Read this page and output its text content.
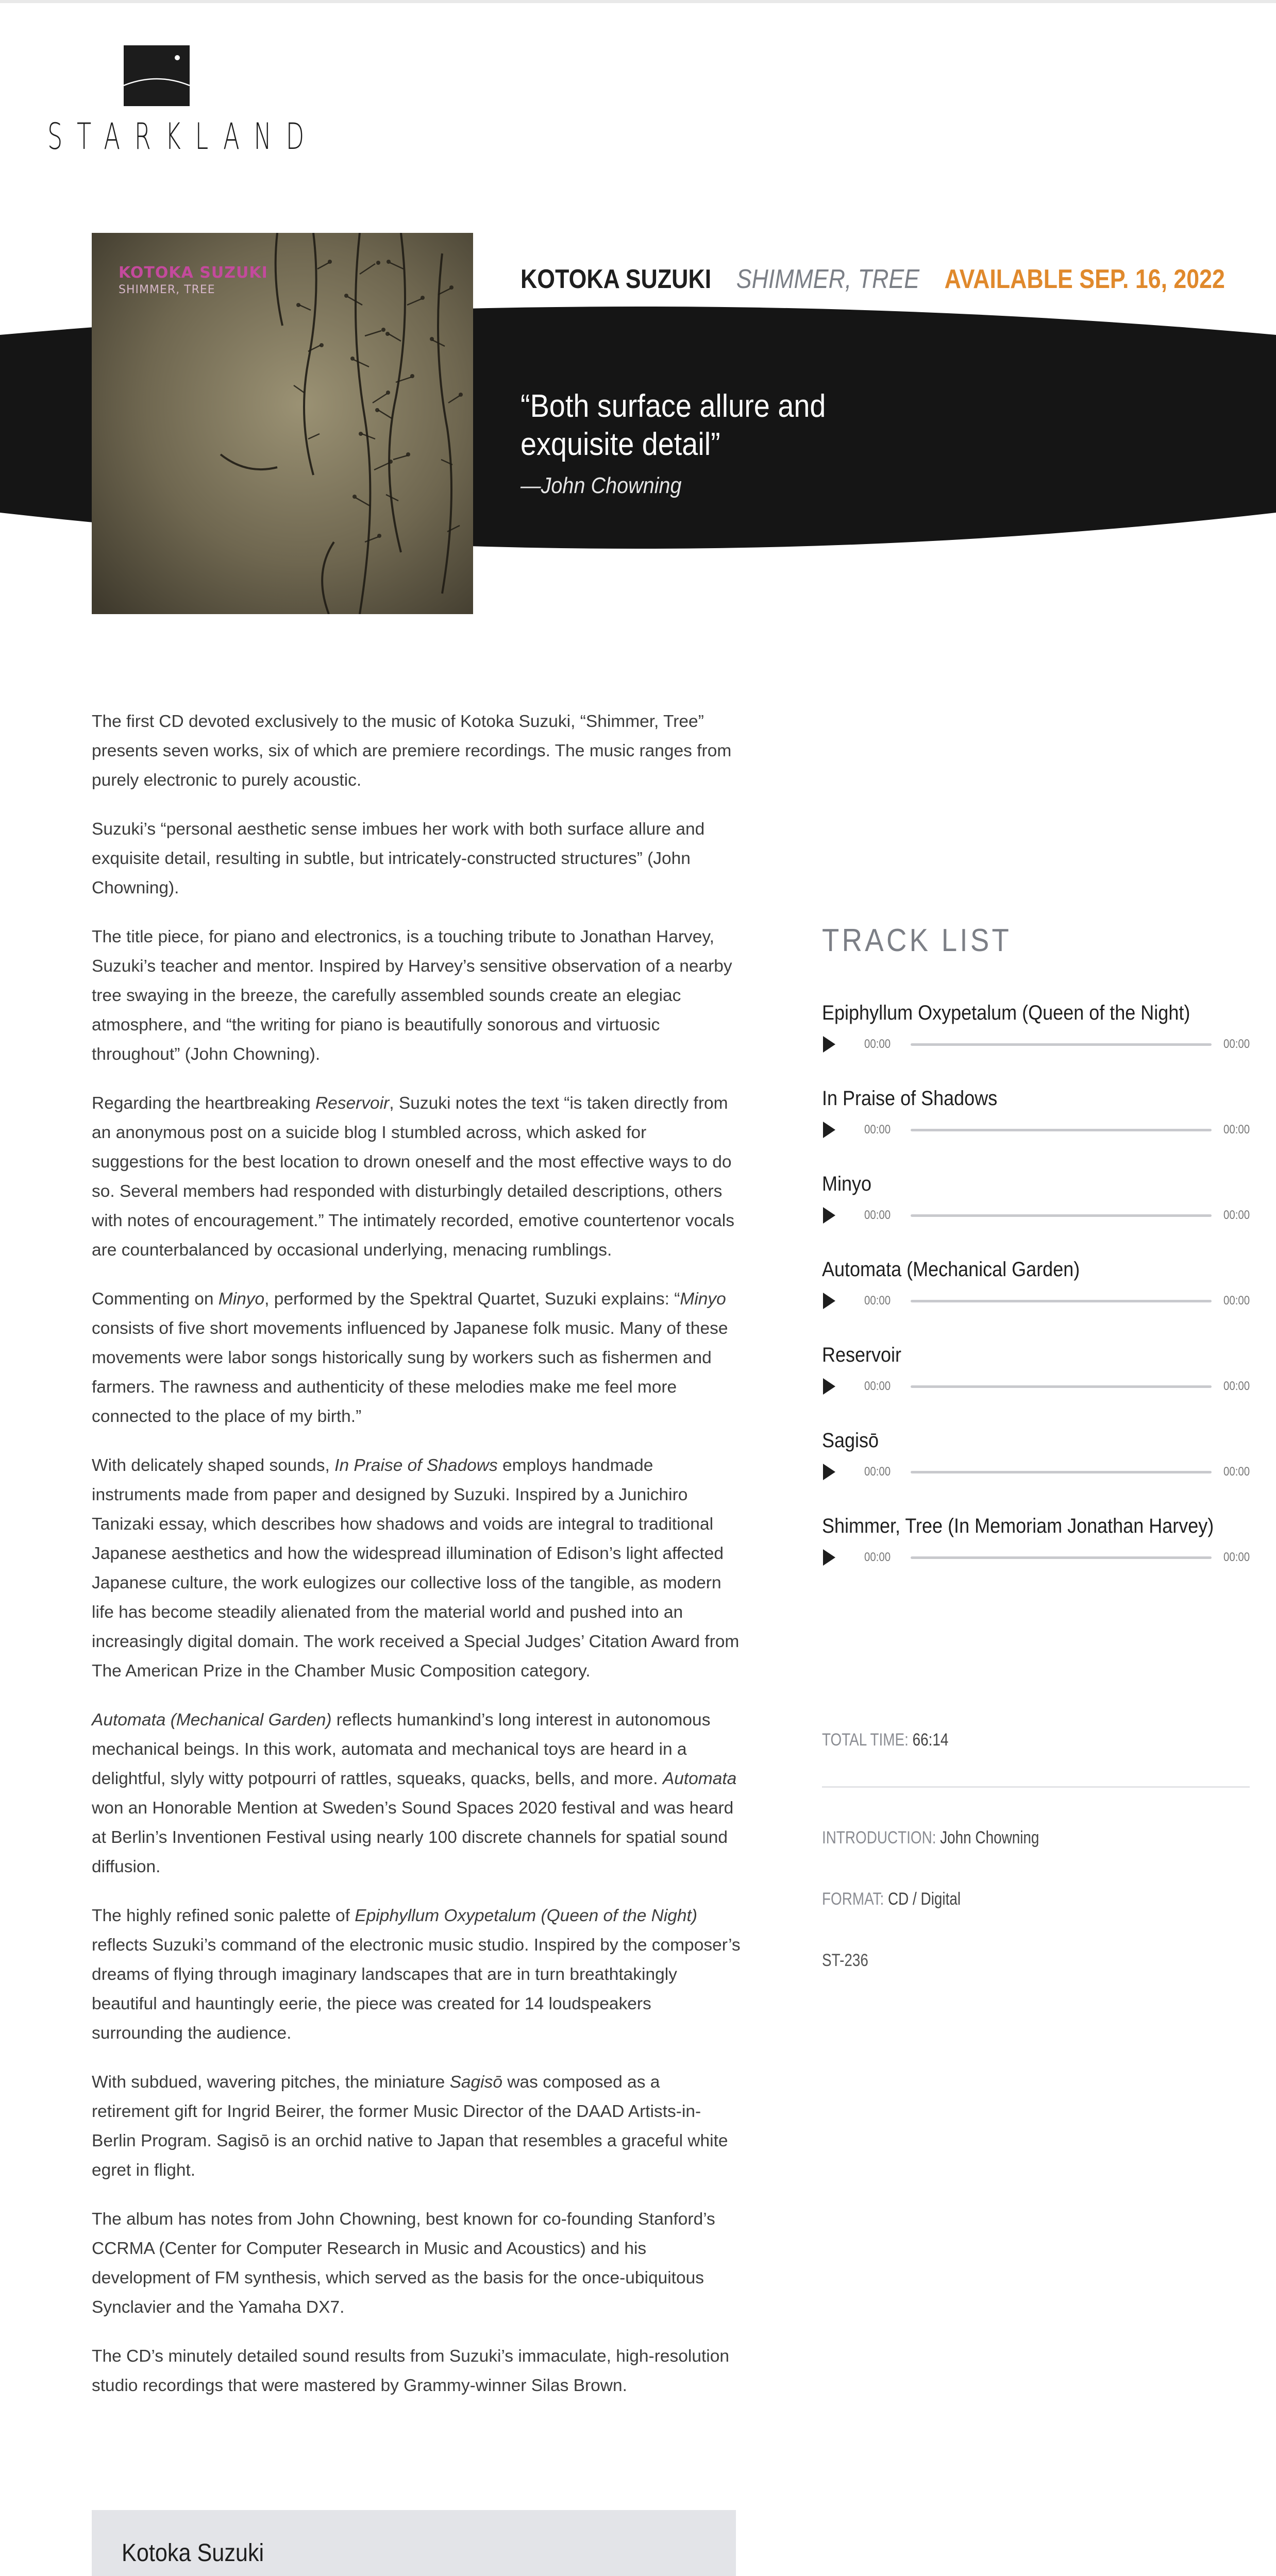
STARKLAND
KOTOKA SUZUKI
SHIMMER, TREE	KOTOKA SUZUKI SHIMMER, TREE AVAILABLE SEP. 16, 2022
“Both surface allure and exquisite detail”
—John Chowning

The first CD devoted exclusively to the music of Kotoka Suzuki, “Shimmer, Tree” presents seven works, six of which are premiere recordings. The music ranges from purely electronic to purely acoustic.

Suzuki’s “personal aesthetic sense imbues her work with both surface allure and exquisite detail, resulting in subtle, but intricately-constructed structures” (John Chowning).

The title piece, for piano and electronics, is a touching tribute to Jonathan Harvey, Suzuki’s teacher and mentor. Inspired by Harvey’s sensitive observation of a nearby tree swaying in the breeze, the carefully assembled sounds create an elegiac atmosphere, and “the writing for piano is beautifully sonorous and virtuosic throughout” (John Chowning).

Regarding the heartbreaking Reservoir, Suzuki notes the text “is taken directly from an anonymous post on a suicide blog I stumbled across, which asked for suggestions for the best location to drown oneself and the most effective ways to do so. Several members had responded with disturbingly detailed descriptions, others with notes of encouragement.” The intimately recorded, emotive countertenor vocals are counterbalanced by occasional underlying, menacing rumblings.

Commenting on Minyo, performed by the Spektral Quartet, Suzuki explains: “Minyo consists of five short movements influenced by Japanese folk music. Many of these movements were labor songs historically sung by workers such as fishermen and farmers. The rawness and authenticity of these melodies make me feel more connected to the place of my birth.”

With delicately shaped sounds, In Praise of Shadows employs handmade instruments made from paper and designed by Suzuki. Inspired by a Junichiro Tanizaki essay, which describes how shadows and voids are integral to traditional Japanese aesthetics and how the widespread illumination of Edison’s light affected Japanese culture, the work eulogizes our collective loss of the tangible, as modern life has become steadily alienated from the material world and pushed into an increasingly digital domain. The work received a Special Judges’ Citation Award from The American Prize in the Chamber Music Composition category.

Automata (Mechanical Garden) reflects humankind’s long interest in autonomous mechanical beings. In this work, automata and mechanical toys are heard in a delightful, slyly witty potpourri of rattles, squeaks, quacks, bells, and more. Automata won an Honorable Mention at Sweden’s Sound Spaces 2020 festival and was heard at Berlin’s Inventionen Festival using nearly 100 discrete channels for spatial sound diffusion.

The highly refined sonic palette of Epiphyllum Oxypetalum (Queen of the Night) reflects Suzuki’s command of the electronic music studio. Inspired by the composer’s dreams of flying through imaginary landscapes that are in turn breathtakingly beautiful and hauntingly eerie, the piece was created for 14 loudspeakers surrounding the audience.

With subdued, wavering pitches, the miniature Sagisō was composed as a retirement gift for Ingrid Beirer, the former Music Director of the DAAD Artists-in-Berlin Program. Sagisō is an orchid native to Japan that resembles a graceful white egret in flight.

The album has notes from John Chowning, best known for co-founding Stanford’s CCRMA (Center for Computer Research in Music and Acoustics) and his development of FM synthesis, which served as the basis for the once-ubiquitous Synclavier and the Yamaha DX7.

The CD’s minutely detailed sound results from Suzuki’s immaculate, high-resolution studio recordings that were mastered by Grammy-winner Silas Brown.

Kotoka Suzuki
TRACK LIST
Epiphyllum Oxypetalum (Queen of the Night)
00:00	00:00
In Praise of Shadows
00:00	00:00
Minyo
00:00	00:00
Automata (Mechanical Garden)
00:00	00:00
Reservoir
00:00	00:00
Sagisō
00:00	00:00
Shimmer, Tree (In Memoriam Jonathan Harvey)
00:00	00:00
TOTAL TIME: 66:14
INTRODUCTION: John Chowning
FORMAT: CD / Digital
ST-236
